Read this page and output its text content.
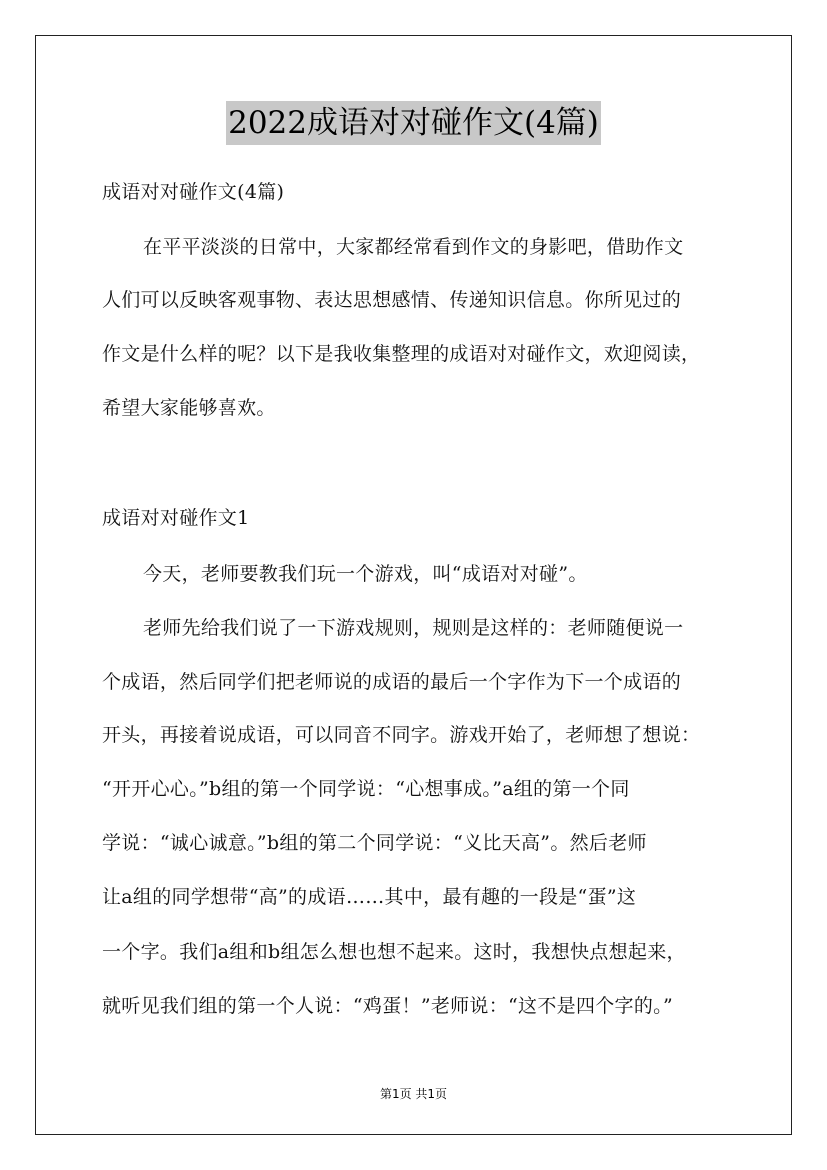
2022成语对对碰作文(4篇)
成语对对碰作文(4篇)
在平平淡淡的日常中，大家都经常看到作文的身影吧，借助作文
人们可以反映客观事物、表达思想感情、传递知识信息。你所见过的
作文是什么样的呢？以下是我收集整理的成语对对碰作文，欢迎阅读，
希望大家能够喜欢。
成语对对碰作文1
今天，老师要教我们玩一个游戏，叫“成语对对碰”。
老师先给我们说了一下游戏规则，规则是这样的：老师随便说一
个成语，然后同学们把老师说的成语的最后一个字作为下一个成语的
开头，再接着说成语，可以同音不同字。游戏开始了，老师想了想说：
“开开心心。”b组的第一个同学说：“心想事成。”a组的第一个同
学说：“诚心诚意。”b组的第二个同学说：“义比天高”。然后老师
让a组的同学想带“高”的成语……其中，最有趣的一段是“蛋”这
一个字。我们a组和b组怎么想也想不起来。这时，我想快点想起来，
就听见我们组的第一个人说：“鸡蛋！”老师说：“这不是四个字的。”
第1页 共1页
